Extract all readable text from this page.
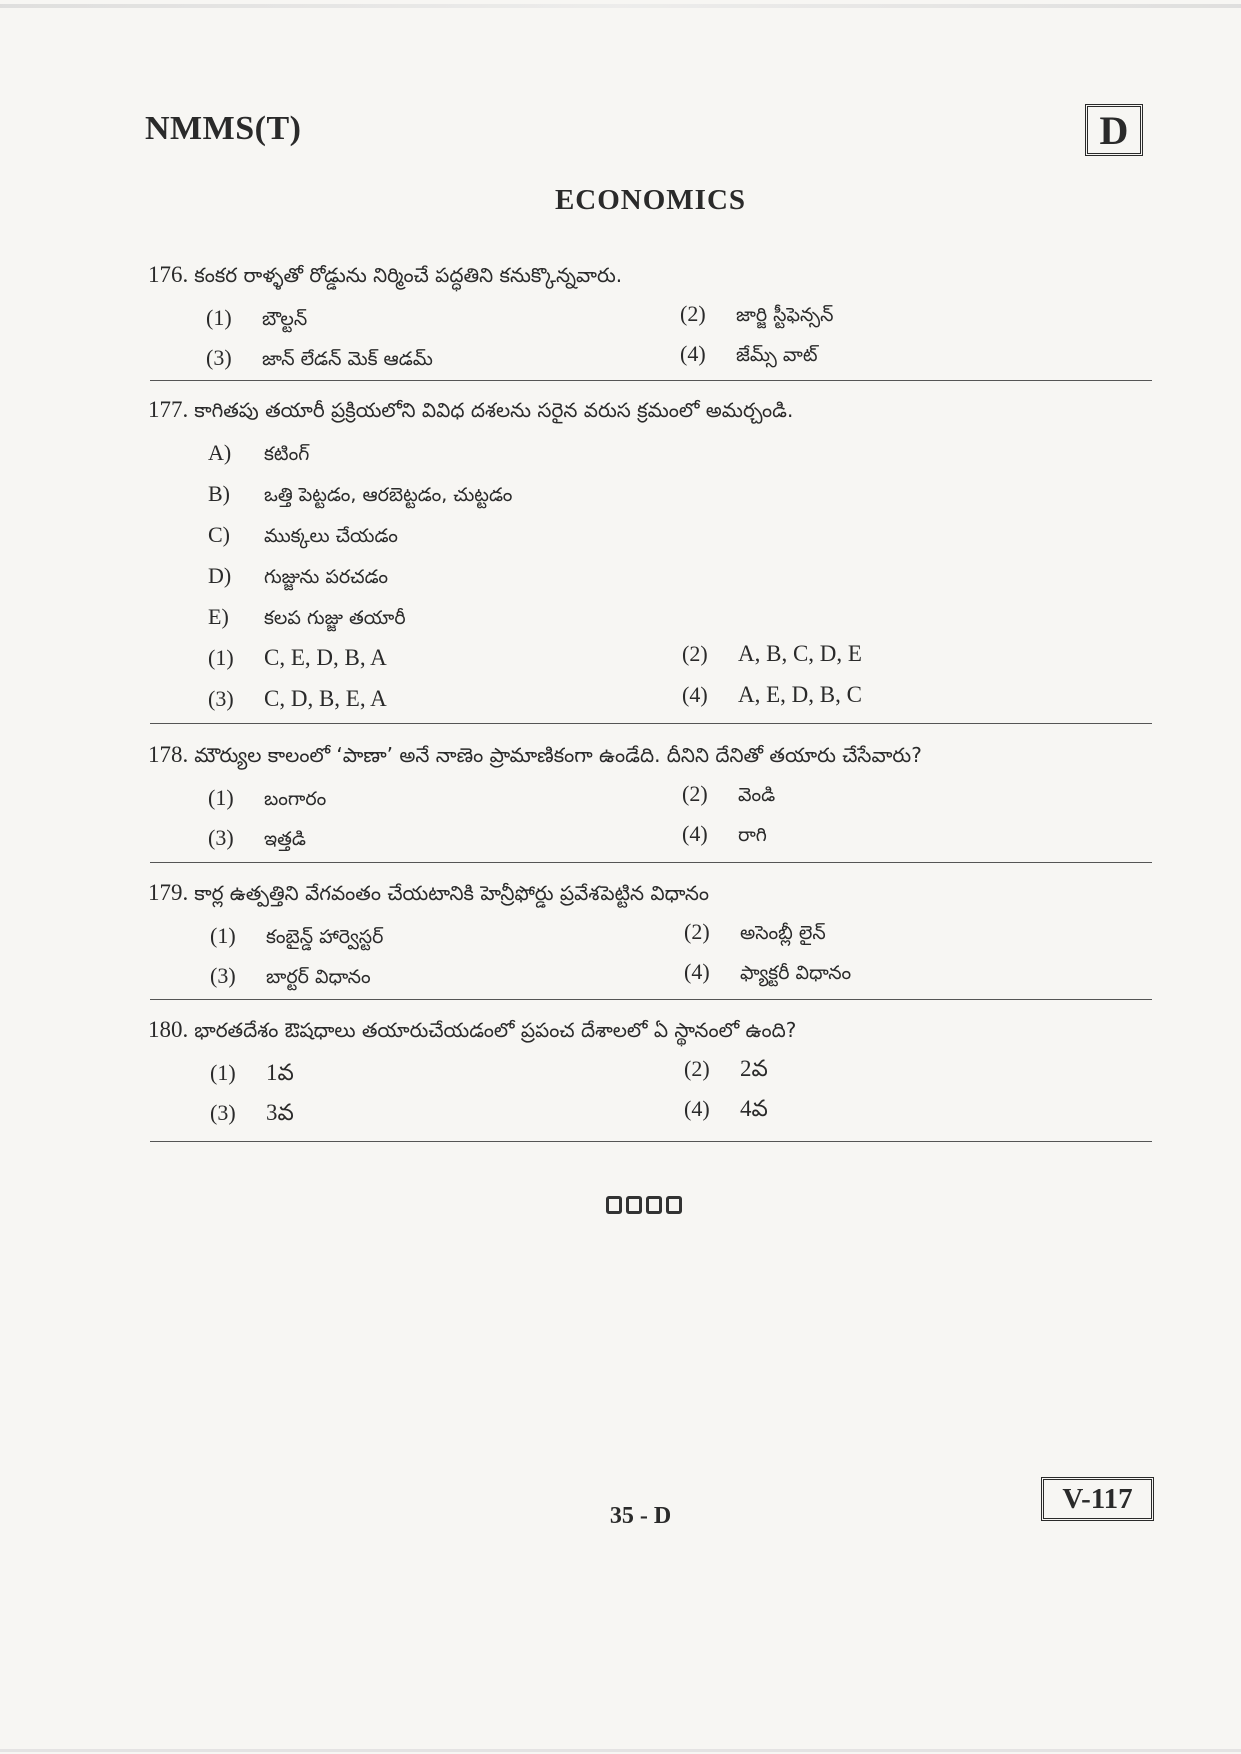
NMMS(T)	D
ECONOMICS
176. కంకర రాళ్ళతో రోడ్డును నిర్మించే పద్ధతిని కనుక్కొన్నవారు.
(1) బౌల్టన్	(2) జార్జి స్టీఫెన్సన్
(3) జాన్ లేడన్ మెక్ ఆడమ్	(4) జేమ్స్ వాట్
177. కాగితపు తయారీ ప్రక్రియలోని వివిధ దశలను సరైన వరుస క్రమంలో అమర్చండి.
A) కటింగ్
B) ఒత్తి పెట్టడం, ఆరబెట్టడం, చుట్టడం
C) ముక్కలు చేయడం
D) గుజ్జును పరచడం
E) కలప గుజ్జు తయారీ
(1) C, E, D, B, A	(2) A, B, C, D, E
(3) C, D, B, E, A	(4) A, E, D, B, C
178. మౌర్యుల కాలంలో ‘పాణా’ అనే నాణెం ప్రామాణికంగా ఉండేది. దీనిని దేనితో తయారు చేసేవారు?
(1) బంగారం	(2) వెండి
(3) ఇత్తడి	(4) రాగి
179. కార్ల ఉత్పత్తిని వేగవంతం చేయటానికి హెన్రీఫోర్డు ప్రవేశపెట్టిన విధానం
(1) కంబైన్డ్ హార్వెస్టర్	(2) అసెంబ్లీ లైన్
(3) బార్టర్ విధానం	(4) ఫ్యాక్టరీ విధానం
180. భారతదేశం ఔషధాలు తయారుచేయడంలో ప్రపంచ దేశాలలో ఏ స్థానంలో ఉంది?
(1) 1వ	(2) 2వ
(3) 3వ	(4) 4వ
35 - D
V-117
